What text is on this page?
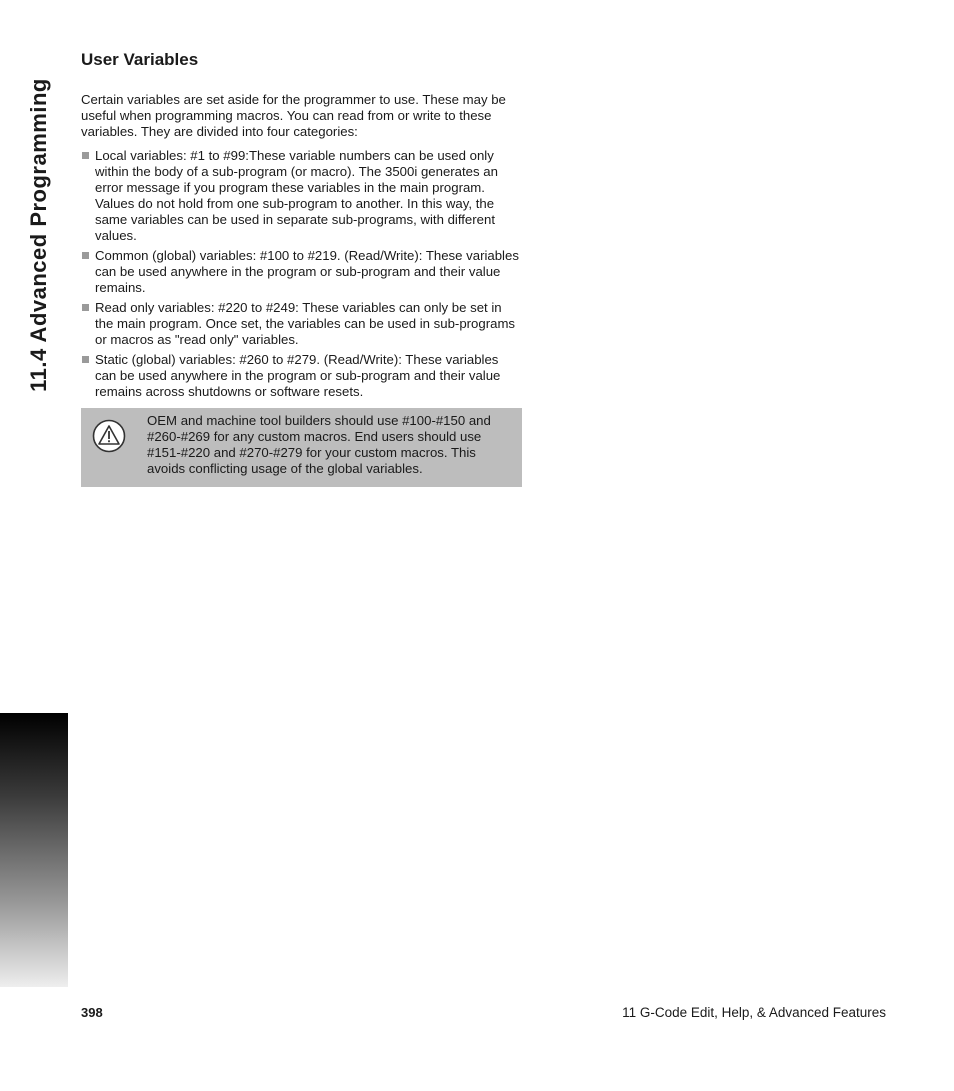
11.4 Advanced Programming
User Variables

Certain variables are set aside for the programmer to use. These may be useful when programming macros. You can read from or write to these variables. They are divided into four categories:

Local variables: #1 to #99:These variable numbers can be used only within the body of a sub-program (or macro). The 3500i generates an error message if you program these variables in the main program. Values do not hold from one sub-program to another. In this way, the same variables can be used in separate sub-programs, with different values.
Common (global) variables: #100 to #219. (Read/Write): These variables can be used anywhere in the program or sub-program and their value remains.
Read only variables: #220 to #249: These variables can only be set in the main program. Once set, the variables can be used in sub-programs or macros as "read only" variables.
Static (global) variables: #260 to #279. (Read/Write): These variables can be used anywhere in the program or sub-program and their value remains across shutdowns or software resets.
OEM and machine tool builders should use #100-#150 and #260-#269 for any custom macros. End users should use #151-#220 and #270-#279 for your custom macros. This avoids conflicting usage of the global variables.
398	11 G-Code Edit, Help, & Advanced Features
